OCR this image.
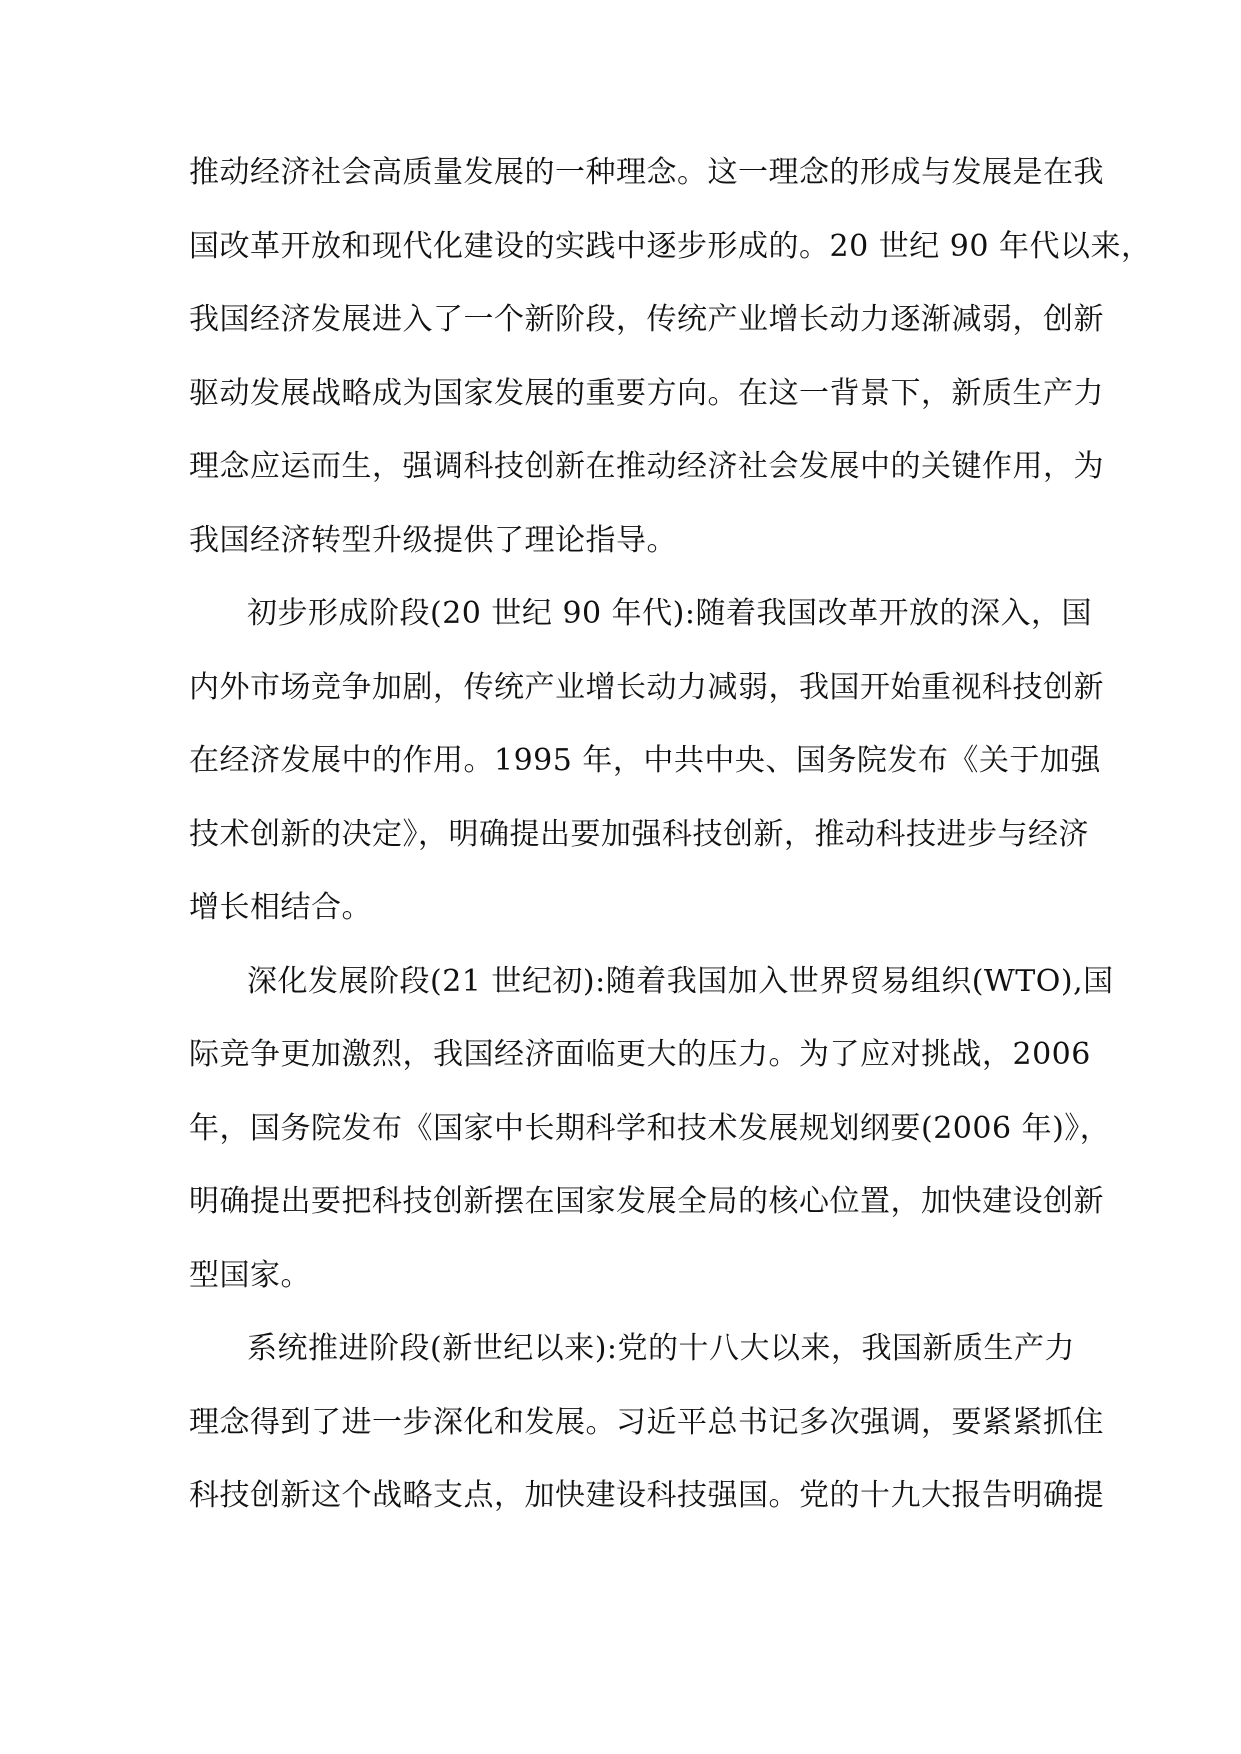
推动经济社会高质量发展的一种理念。这一理念的形成与发展是在我
国改革开放和现代化建设的实践中逐步形成的。20 世纪 90 年代以来，
我国经济发展进入了一个新阶段，传统产业增长动力逐渐减弱，创新
驱动发展战略成为国家发展的重要方向。在这一背景下，新质生产力
理念应运而生，强调科技创新在推动经济社会发展中的关键作用，为
我国经济转型升级提供了理论指导。

初步形成阶段(20 世纪 90 年代):随着我国改革开放的深入，国
内外市场竞争加剧，传统产业增长动力减弱，我国开始重视科技创新
在经济发展中的作用。1995 年，中共中央、国务院发布《关于加强
技术创新的决定》，明确提出要加强科技创新，推动科技进步与经济
增长相结合。

深化发展阶段(21 世纪初):随着我国加入世界贸易组织(WTO),国
际竞争更加激烈，我国经济面临更大的压力。为了应对挑战，2006
年，国务院发布《国家中长期科学和技术发展规划纲要(2006 年)》，
明确提出要把科技创新摆在国家发展全局的核心位置，加快建设创新
型国家。

系统推进阶段(新世纪以来):党的十八大以来，我国新质生产力
理念得到了进一步深化和发展。习近平总书记多次强调，要紧紧抓住
科技创新这个战略支点，加快建设科技强国。党的十九大报告明确提
